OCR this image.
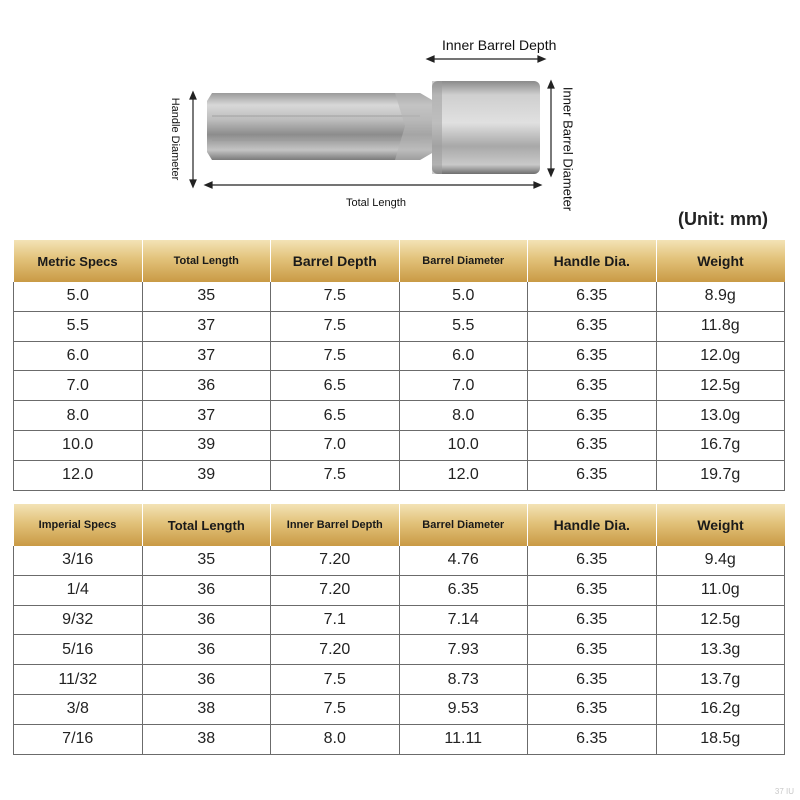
Inner Barrel Depth
Total Length
Handle Diameter	Inner Barrel Diameter
(Unit: mm)
Metric Specs	Total Length	Barrel Depth	Barrel Diameter	Handle Dia.	Weight
5.0	35	7.5	5.0	6.35	8.9g
5.5	37	7.5	5.5	6.35	11.8g
6.0	37	7.5	6.0	6.35	12.0g
7.0	36	6.5	7.0	6.35	12.5g
8.0	37	6.5	8.0	6.35	13.0g
10.0	39	7.0	10.0	6.35	16.7g
12.0	39	7.5	12.0	6.35	19.7g
Imperial Specs	Total Length	Inner Barrel Depth	Barrel Diameter	Handle Dia.	Weight
3/16	35	7.20	4.76	6.35	9.4g
1/4	36	7.20	6.35	6.35	11.0g
9/32	36	7.1	7.14	6.35	12.5g
5/16	36	7.20	7.93	6.35	13.3g
11/32	36	7.5	8.73	6.35	13.7g
3/8	38	7.5	9.53	6.35	16.2g
7/16	38	8.0	11.11	6.35	18.5g
37 IU
